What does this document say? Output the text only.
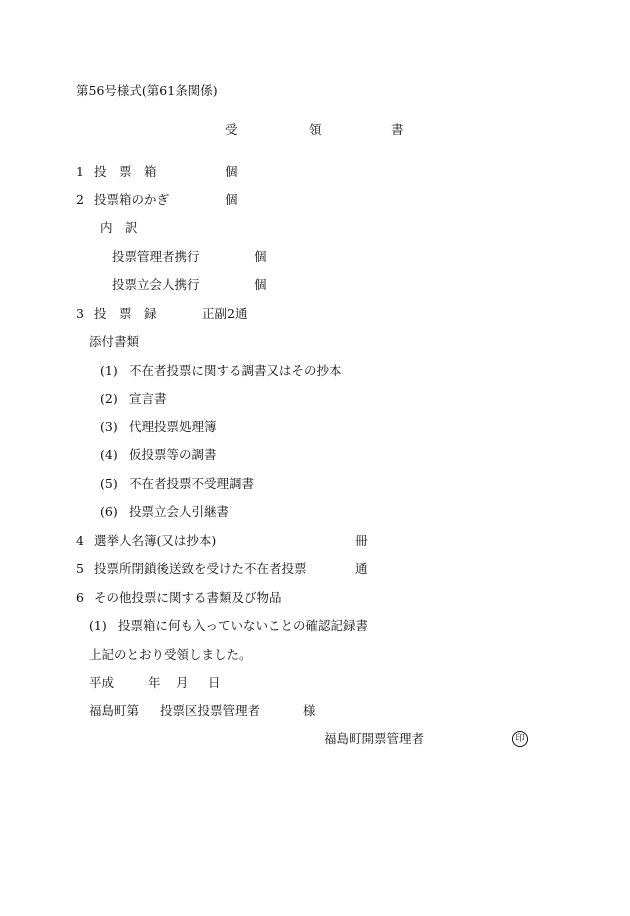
第56号様式(第61条関係)
受	領	書
1 投　票　箱	個
2 投票箱のかぎ	個
内　訳
投票管理者携行	個
投票立会人携行	個
3 投　票　録	正副2通
添付書類
(1) 不在者投票に関する調書又はその抄本
(2) 宣言書
(3) 代理投票処理簿
(4) 仮投票等の調書
(5) 不在者投票不受理調書
(6) 投票立会人引継書
4 選挙人名簿(又は抄本)	冊
5 投票所閉鎖後送致を受けた不在者投票	通
6 その他投票に関する書類及び物品
(1) 投票箱に何も入っていないことの確認記録書
上記のとおり受領しました。
平成	年 月 日
福島町第 投票区投票管理者	様
福島町開票管理者	印
